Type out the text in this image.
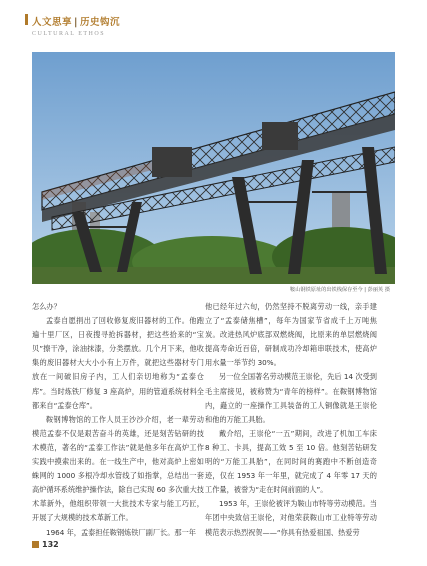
人文思享 | 历史钩沉
CULTURAL ETHOS
鞍山钢铁原址的出铁栈保存至今 | 彭丽英 摄

怎么办？

孟泰自愿捐出了回收修复废旧器材的工作。他跑遍十里厂区，日夜搜寻抢拆器材，把这些拾来的“宝贝”擦干净，涂油抹漆，分类摆放。几个月下来，他收集的废旧器材大大小小有上万件，就把这些器材专门放在一间破旧房子内，工人们亲切地称为“孟泰仓库”。当时炼铁厂修复 3 座高炉，用的管道系统材料全都来自“孟泰仓库”。

鞍钢博物馆的工作人员王沙沙介绍，老一辈劳动模范孟泰不仅是艰苦奋斗的英雄，还是刻苦钻研的技术模范，著名的“孟泰工作法”就是他多年在高炉工作实践中摸索出来的。在一线生产中，他对高炉上密如蛛网的 1000 多根冷却水管线了如指掌，总结出一套高炉循环系统维护操作法，除自己实现 60 多次重大技术革新外，他组织带领一大批技术专家与能工巧匠，开展了大规模的技术革新工作。

1964 年，孟泰担任鞍钢炼铁厂副厂长。那一年

他已经年过六旬，仍然坚持不脱离劳动一线，亲手建立了“孟泰储焦槽”，每年为国家节省成千上万吨焦炭。改进热风炉底部双燃烧阀，比原来的单层燃烧阀提高寿命近百倍，研制成功冷却箱串联技术，使高炉用水量一举节约 30%。

另一位全国著名劳动模范王崇伦，先后 14 次受到毛主席接见，被称赞为“青年的榜样”。在鞍钢博物馆内，矗立的一座操作工具装备的工人铜像就是王崇伦和他的万能工具胎。

戴介绍，王崇伦“一五”期间，改进了机加工车床 8 种工、卡具，提高工效 5 至 10 倍。他刻苦钻研发明的“万能工具胎”，在同时间的赛跑中不断创造奇迹，仅在 1953 年一年里，就完成了 4 年零 17 天的工作量，被誉为“走在时间前面的人”。

1953 年，王崇伦被评为鞍山市特等劳动模范。当年团中央致信王崇伦，对他荣获鞍山市工业特等劳动模范表示热烈祝贺——“你具有热爱祖国、热爱劳

132
